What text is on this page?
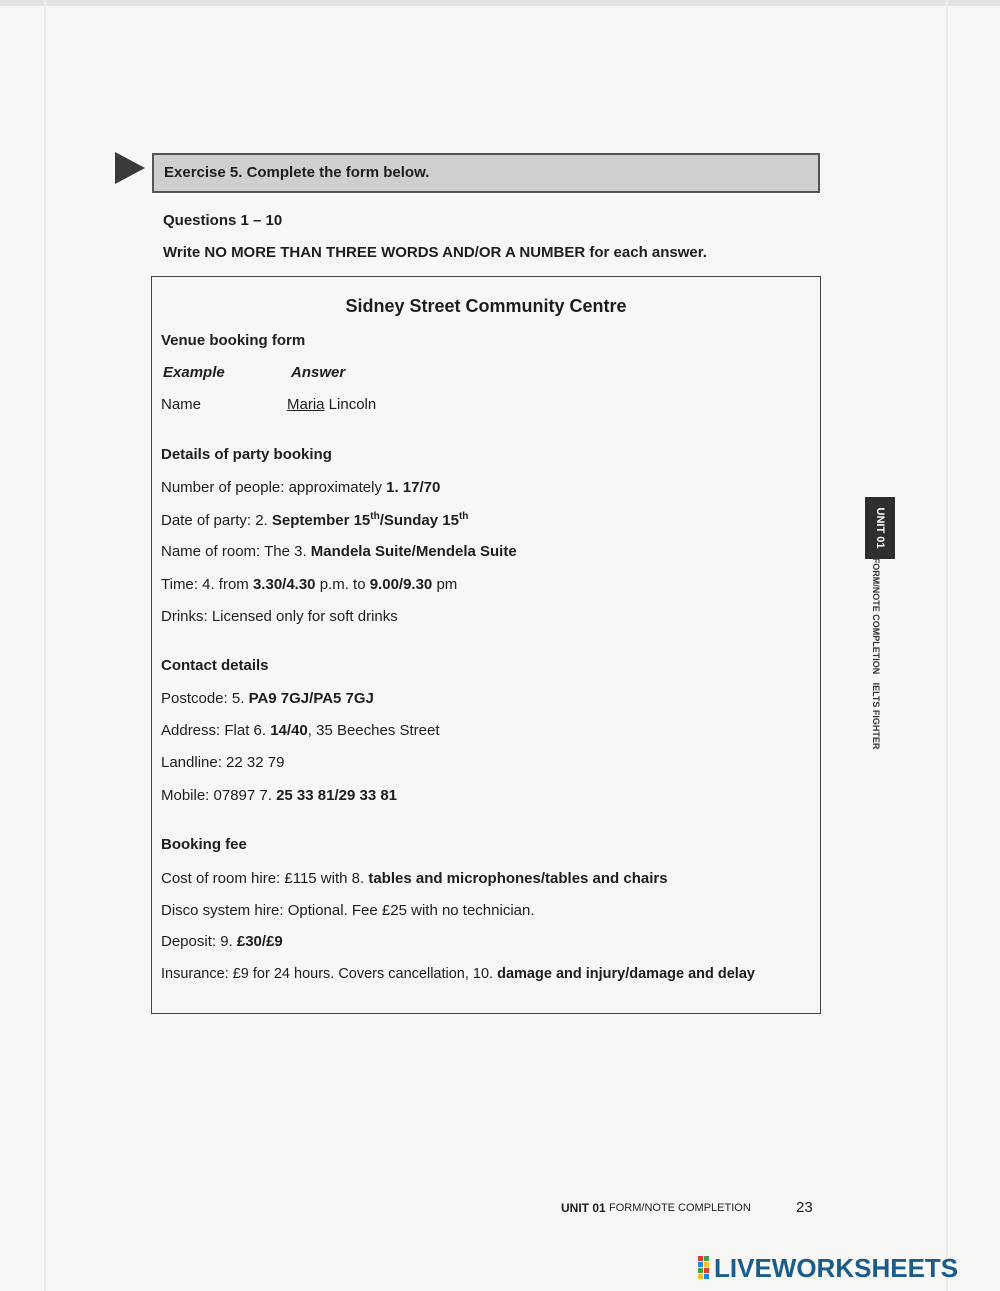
Exercise 5. Complete the form below.
Questions 1 – 10
Write NO MORE THAN THREE WORDS AND/OR A NUMBER for each answer.
Sidney Street Community Centre
Venue booking form
Example	Answer
Name	Maria Lincoln
Details of party booking
Number of people: approximately 1. 17/70
Date of party: 2. September 15th/Sunday 15th
Name of room: The 3. Mandela Suite/Mendela Suite
Time: 4. from 3.30/4.30 p.m. to 9.00/9.30 pm
Drinks: Licensed only for soft drinks
Contact details
Postcode: 5. PA9 7GJ/PA5 7GJ
Address: Flat 6. 14/40, 35 Beeches Street
Landline: 22 32 79
Mobile: 07897 7. 25 33 81/29 33 81
Booking fee
Cost of room hire: £115 with 8. tables and microphones/tables and chairs
Disco system hire: Optional. Fee £25 with no technician.
Deposit: 9. £30/£9
Insurance: £9 for 24 hours. Covers cancellation, 10. damage and injury/damage and delay
UNIT 01
FORM/NOTE COMPLETION
IELTS FIGHTER
UNIT 01 FORM/NOTE COMPLETION	23
LIVEWORKSHEETS
